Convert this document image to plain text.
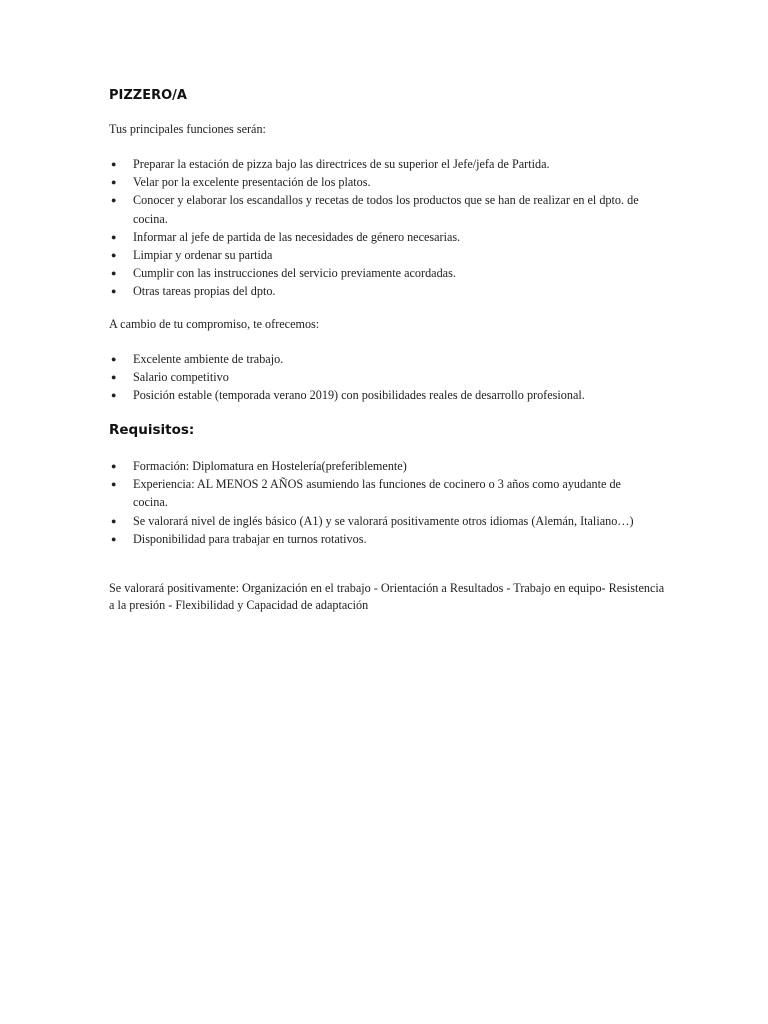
PIZZERO/A

Tus principales funciones serán:

● Preparar la estación de pizza bajo las directrices de su superior el Jefe/jefa de Partida.
● Velar por la excelente presentación de los platos.
● Conocer y elaborar los escandallos y recetas de todos los productos que se han de realizar en el dpto. de cocina.
● Informar al jefe de partida de las necesidades de género necesarias.
● Limpiar y ordenar su partida
● Cumplir con las instrucciones del servicio previamente acordadas.
● Otras tareas propias del dpto.

A cambio de tu compromiso, te ofrecemos:

● Excelente ambiente de trabajo.
● Salario competitivo
● Posición estable (temporada verano 2019) con posibilidades reales de desarrollo profesional.
Requisitos:
● Formación: Diplomatura en Hostelería(preferiblemente)
● Experiencia: AL MENOS 2 AÑOS asumiendo las funciones de cocinero o 3 años como ayudante de cocina.
● Se valorará nivel de inglés básico (A1) y se valorará positivamente otros idiomas (Alemán, Italiano…)
● Disponibilidad para trabajar en turnos rotativos.

Se valorará positivamente: Organización en el trabajo - Orientación a Resultados - Trabajo en equipo- Resistencia a la presión - Flexibilidad y Capacidad de adaptación
